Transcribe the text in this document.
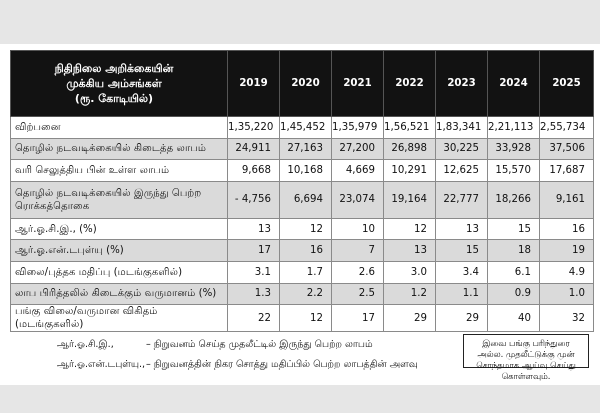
நிதிநிலை அறிக்கையின்
முக்கிய அம்சங்கள்
(ரூ. கோடியில்)	2019	2020	2021	2022	2023	2024	2025
விற்பனை	1,35,220	1,45,452	1,35,979	1,56,521	1,83,341	2,21,113	2,55,734
தொழில் நடவடிக்கையில் கிடைத்த லாபம்	24,911	27,163	27,200	26,898	30,225	33,928	37,506
வரி செலுத்திய பின் உள்ள லாபம்	9,668	10,168	4,669	10,291	12,625	15,570	17,687
தொழில் நடவடிக்கையில் இருந்து பெற்ற ரொக்கத்தொகை	- 4,756	6,694	23,074	19,164	22,777	18,266	9,161
ஆர்.ஓ.சி.இ., (%)	13	12	10	12	13	15	16
ஆர்.ஓ.என்.டபுள்யு (%)	17	16	7	13	15	18	19
விலை/புத்தக மதிப்பு (மடங்குகளில்)	3.1	1.7	2.6	3.0	3.4	6.1	4.9
லாப பிரித்தலில் கிடைக்கும் வருமானம் (%)	1.3	2.2	2.5	1.2	1.1	0.9	1.0
பங்கு விலை/வருமான விகிதம் (மடங்குகளில்)	22	12	17	29	29	40	32
ஆர்.ஓ.சி.இ.,	– நிறுவனம் செய்த முதலீட்டில் இருந்து பெற்ற லாபம்
ஆர்.ஓ.என்.டபுள்யு., – நிறுவனத்தின் நிகர சொத்து மதிப்பில் பெற்ற லாபத்தின் அளவு
இவை பங்கு பரிந்துரை அல்ல. முதலீட்டுக்கு முன் சொந்தமாக ஆய்வு செய்து கொள்ளவும்.
